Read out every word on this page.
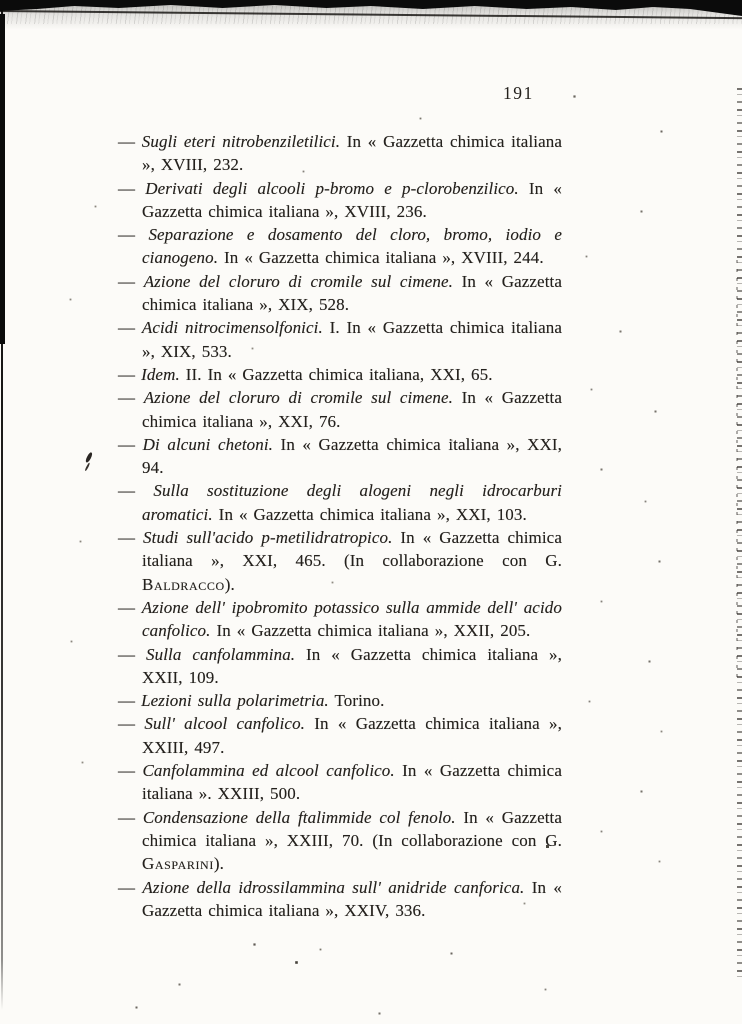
191

— Sugli eteri nitrobenziletilici. In « Gazzetta chimica italiana », XVIII, 232.

— Derivati degli alcooli p-bromo e p-clorobenzilico. In « Gazzetta chimica italiana », XVIII, 236.

— Separazione e dosamento del cloro, bromo, iodio e cianogeno. In « Gazzetta chimica italiana », XVIII, 244.

— Azione del cloruro di cromile sul cimene. In « Gazzetta chimica italiana », XIX, 528.

— Acidi nitrocimensolfonici. I. In « Gazzetta chimica italiana », XIX, 533.

— Idem. II. In « Gazzetta chimica italiana, XXI, 65.

— Azione del cloruro di cromile sul cimene. In « Gazzetta chimica italiana », XXI, 76.

— Di alcuni chetoni. In « Gazzetta chimica italiana », XXI, 94.

— Sulla sostituzione degli alogeni negli idrocarburi aromatici. In « Gazzetta chimica italiana », XXI, 103.

— Studi sull'acido p-metilidratropico. In « Gazzetta chimica italiana », XXI, 465. (In collaborazione con G. Baldracco).

— Azione dell' ipobromito potassico sulla ammide dell' acido canfolico. In « Gazzetta chimica italiana », XXII, 205.

— Sulla canfolammina. In « Gazzetta chimica italiana », XXII, 109.

— Lezioni sulla polarimetria. Torino.

— Sull' alcool canfolico. In « Gazzetta chimica italiana », XXIII, 497.

— Canfolammina ed alcool canfolico. In « Gazzetta chimica italiana ». XXIII, 500.

— Condensazione della ftalimmide col fenolo. In « Gazzetta chimica italiana », XXIII, 70. (In collaborazione con G. Gasparini).

— Azione della idrossilammina sull' anidride canforica. In « Gazzetta chimica italiana », XXIV, 336.
